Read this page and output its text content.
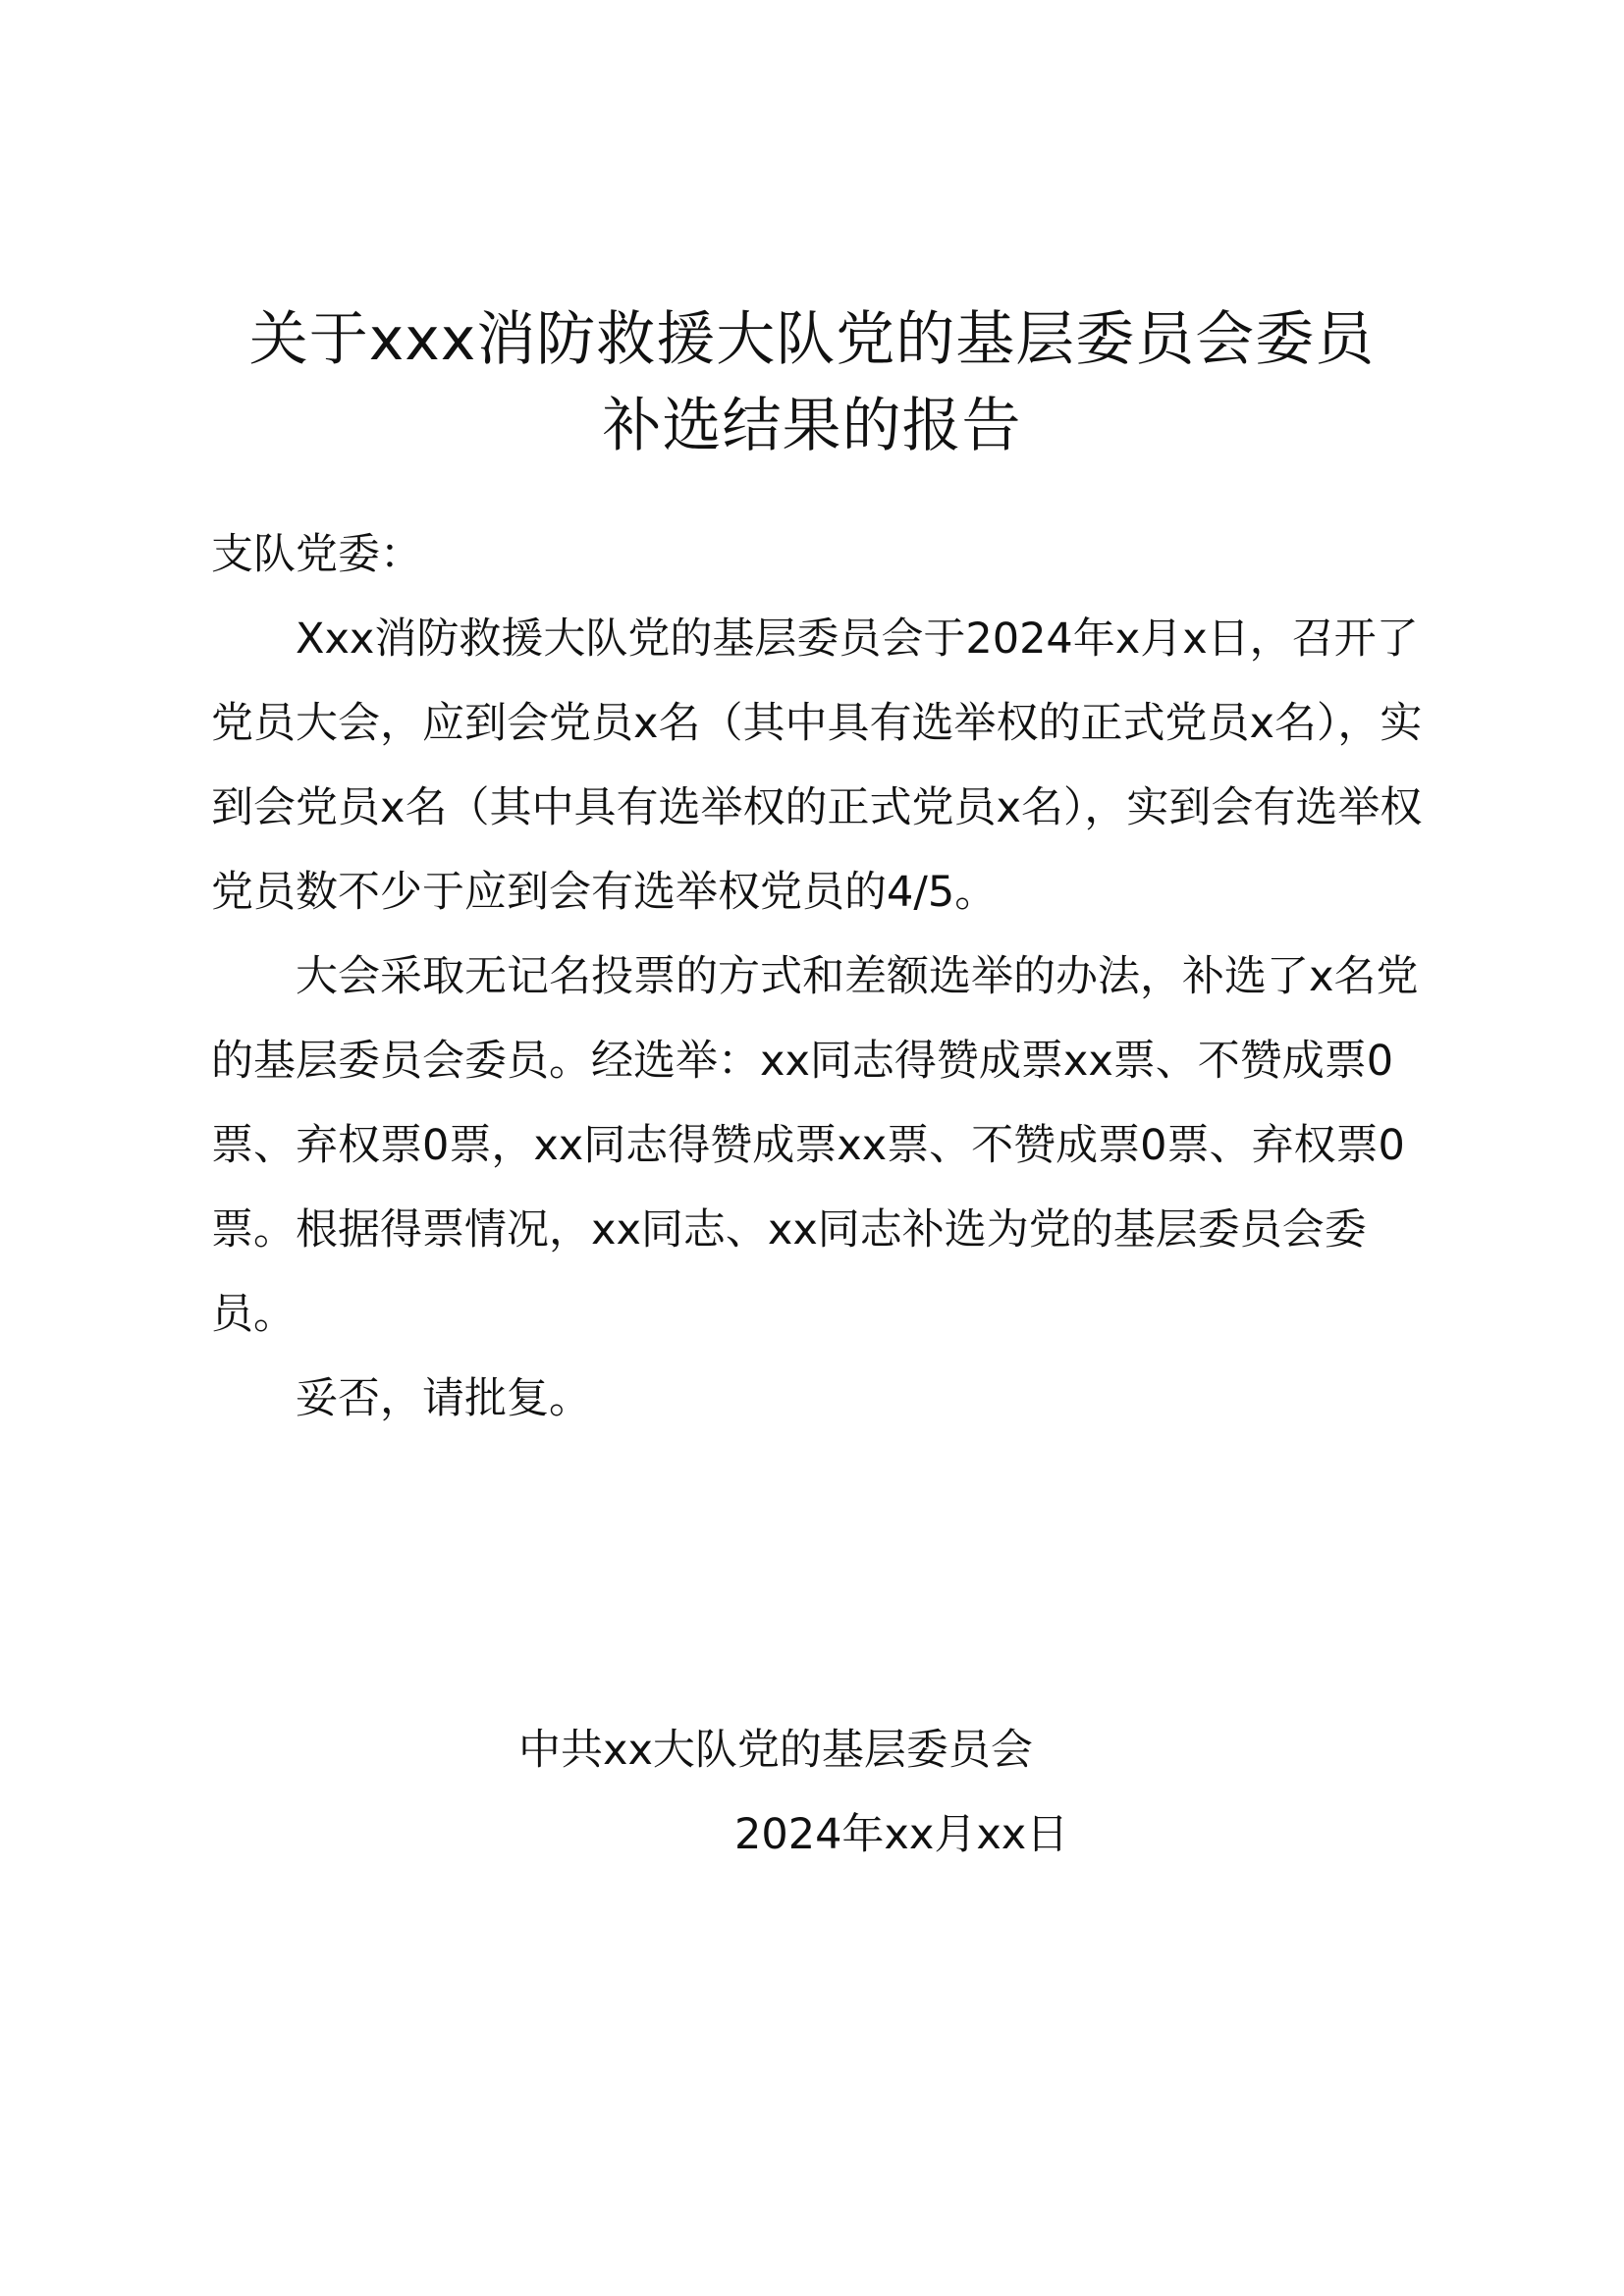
关于xxx消防救援大队党的基层委员会委员
补选结果的报告

支队党委：

Xxx消防救援大队党的基层委员会于2024年x月x日，召开了党员大会，应到会党员x名（其中具有选举权的正式党员x名），实到会党员x名（其中具有选举权的正式党员x名），实到会有选举权党员数不少于应到会有选举权党员的4/5。

大会采取无记名投票的方式和差额选举的办法，补选了x名党的基层委员会委员。经选举：xx同志得赞成票xx票、不赞成票0票、弃权票0票，xx同志得赞成票xx票、不赞成票0票、弃权票0票。根据得票情况，xx同志、xx同志补选为党的基层委员会委员。

妥否，请批复。

中共xx大队党的基层委员会

2024年xx月xx日
